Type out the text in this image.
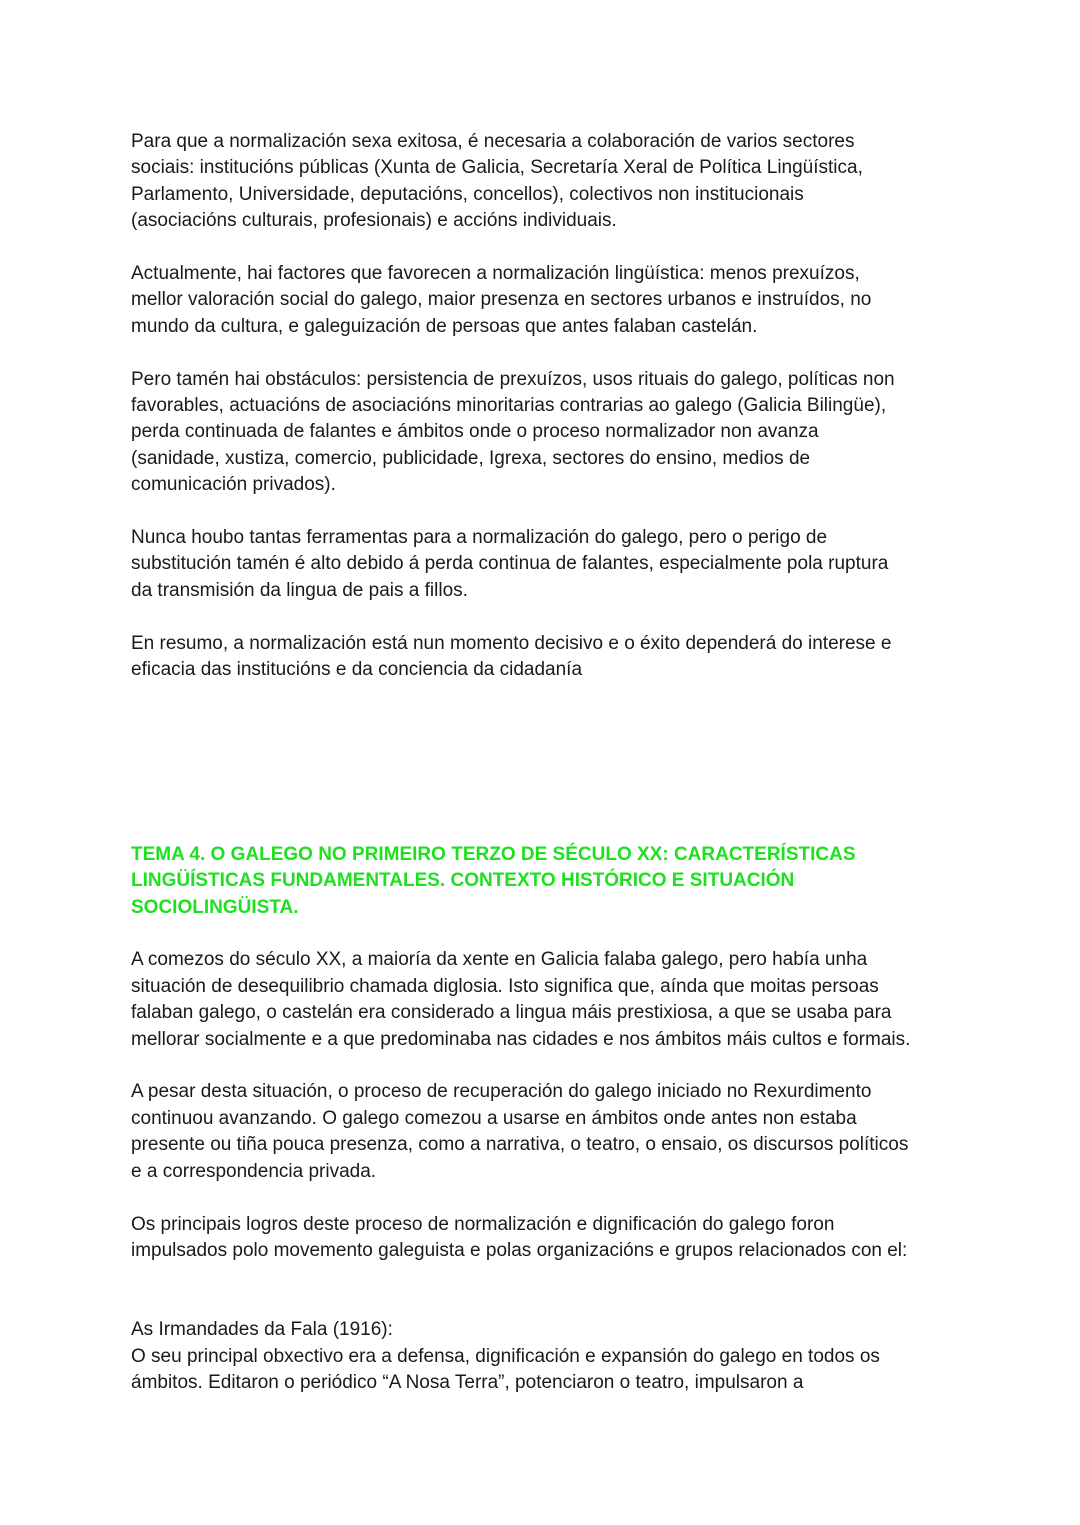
Para que a normalización sexa exitosa, é necesaria a colaboración de varios sectores
sociais: institucións públicas (Xunta de Galicia, Secretaría Xeral de Política Lingüística,
Parlamento, Universidade, deputacións, concellos), colectivos non institucionais
(asociacións culturais, profesionais) e accións individuais.
Actualmente, hai factores que favorecen a normalización lingüística: menos prexuízos,
mellor valoración social do galego, maior presenza en sectores urbanos e instruídos, no
mundo da cultura, e galeguización de persoas que antes falaban castelán.
Pero tamén hai obstáculos: persistencia de prexuízos, usos rituais do galego, políticas non
favorables, actuacións de asociacións minoritarias contrarias ao galego (Galicia Bilingüe),
perda continuada de falantes e ámbitos onde o proceso normalizador non avanza
(sanidade, xustiza, comercio, publicidade, Igrexa, sectores do ensino, medios de
comunicación privados).
Nunca houbo tantas ferramentas para a normalización do galego, pero o perigo de
substitución tamén é alto debido á perda continua de falantes, especialmente pola ruptura
da transmisión da lingua de pais a fillos.
En resumo, a normalización está nun momento decisivo e o éxito dependerá do interese e
eficacia das institucións e da conciencia da cidadanía
TEMA 4. O GALEGO NO PRIMEIRO TERZO DE SÉCULO XX: CARACTERÍSTICAS
LINGÜÍSTICAS FUNDAMENTALES. CONTEXTO HISTÓRICO E SITUACIÓN
SOCIOLINGÜISTA.
A comezos do século XX, a maioría da xente en Galicia falaba galego, pero había unha
situación de desequilibrio chamada diglosia. Isto significa que, aínda que moitas persoas
falaban galego, o castelán era considerado a lingua máis prestixiosa, a que se usaba para
mellorar socialmente e a que predominaba nas cidades e nos ámbitos máis cultos e formais.
A pesar desta situación, o proceso de recuperación do galego iniciado no Rexurdimento
continuou avanzando. O galego comezou a usarse en ámbitos onde antes non estaba
presente ou tiña pouca presenza, como a narrativa, o teatro, o ensaio, os discursos políticos
e a correspondencia privada.
Os principais logros deste proceso de normalización e dignificación do galego foron
impulsados polo movemento galeguista e polas organizacións e grupos relacionados con el:
As Irmandades da Fala (1916):
O seu principal obxectivo era a defensa, dignificación e expansión do galego en todos os
ámbitos. Editaron o periódico “A Nosa Terra”, potenciaron o teatro, impulsaron a
